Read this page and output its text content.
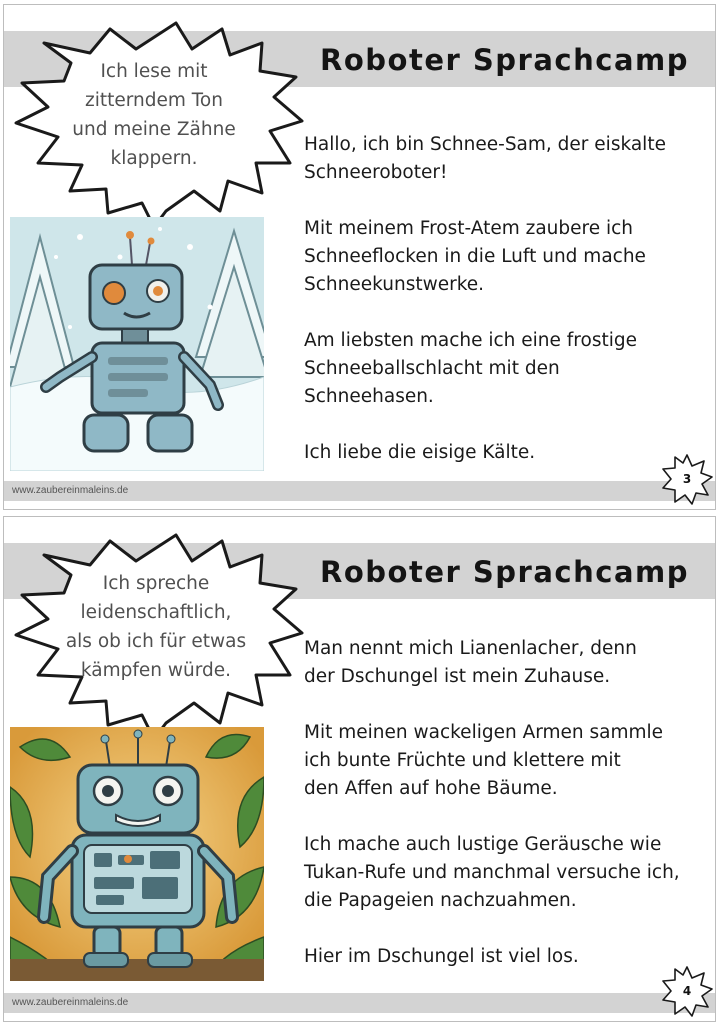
Roboter Sprachcamp
Ich lese mit
zitterndem Ton
und meine Zähne
klappern.

Hallo, ich bin Schnee-Sam, der eiskalte
Schneeroboter!

Mit meinem Frost-Atem zaubere ich
Schneeflocken in die Luft und mache
Schneekunstwerke.

Am liebsten mache ich eine frostige
Schneeballschlacht mit den
Schneehasen.

Ich liebe die eisige Kälte.

www.zaubereinmaleins.de
3
Roboter Sprachcamp
Ich spreche
leidenschaftlich,
als ob ich für etwas
kämpfen würde.

Man nennt mich Lianenlacher, denn
der Dschungel ist mein Zuhause.

Mit meinen wackeligen Armen sammle
ich bunte Früchte und klettere mit
den Affen auf hohe Bäume.

Ich mache auch lustige Geräusche wie
Tukan-Rufe und manchmal versuche ich,
die Papageien nachzuahmen.

Hier im Dschungel ist viel los.

www.zaubereinmaleins.de
4
